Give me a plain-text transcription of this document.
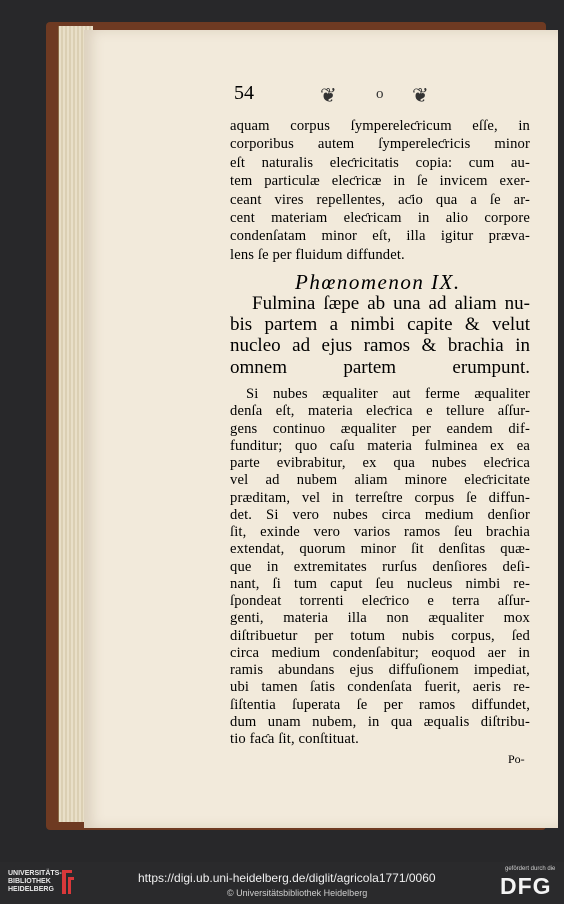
54	❦	o ❦
aquam corpus ſympereleƈricum eſſe, in
corporibus autem ſympereleƈricis minor
eſt naturalis eleƈricitatis copia: cum au-
tem particulæ eleƈricæ in ſe invicem exer-
ceant vires repellentes, aƈio qua a ſe ar-
cent materiam eleƈricam in alio corpore
condenſatam minor eſt, illa igitur præva-
lens ſe per fluidum diffundet.
Phœnomenon IX.
Fulmina ſæpe ab una ad aliam nu-
bis partem a nimbi capite & velut
nucleo ad ejus ramos & brachia in
omnem partem erumpunt.
Si nubes æqualiter aut ferme æqualiter
denſa eſt, materia eleƈrica e tellure aſſur-
gens continuo æqualiter per eandem dif-
funditur; quo caſu materia fulminea ex ea
parte evibrabitur, ex qua nubes eleƈrica
vel ad nubem aliam minore eleƈricitate
præditam, vel in terreſtre corpus ſe diffun-
det. Si vero nubes circa medium denſior
ſit, exinde vero varios ramos ſeu brachia
extendat, quorum minor ſit denſitas quæ-
que in extremitates rurſus denſiores deſi-
nant, ſi tum caput ſeu nucleus nimbi re-
ſpondeat torrenti eleƈrico e terra aſſur-
genti, materia illa non æqualiter mox
diſtribuetur per totum nubis corpus, ſed
circa medium condenſabitur; eoquod aer in
ramis abundans ejus diffuſionem impediat,
ubi tamen ſatis condenſata fuerit, aeris re-
ſiſtentia ſuperata ſe per ramos diffundet,
dum unam nubem, in qua æqualis diſtribu-
tio faƈa ſit, conſtituat.
Po-
UNIVERSITÄTS-
BIBLIOTHEK
HEIDELBERG
https://digi.ub.uni-heidelberg.de/diglit/agricola1771/0060
© Universitätsbibliothek Heidelberg
gefördert durch die
DFG
